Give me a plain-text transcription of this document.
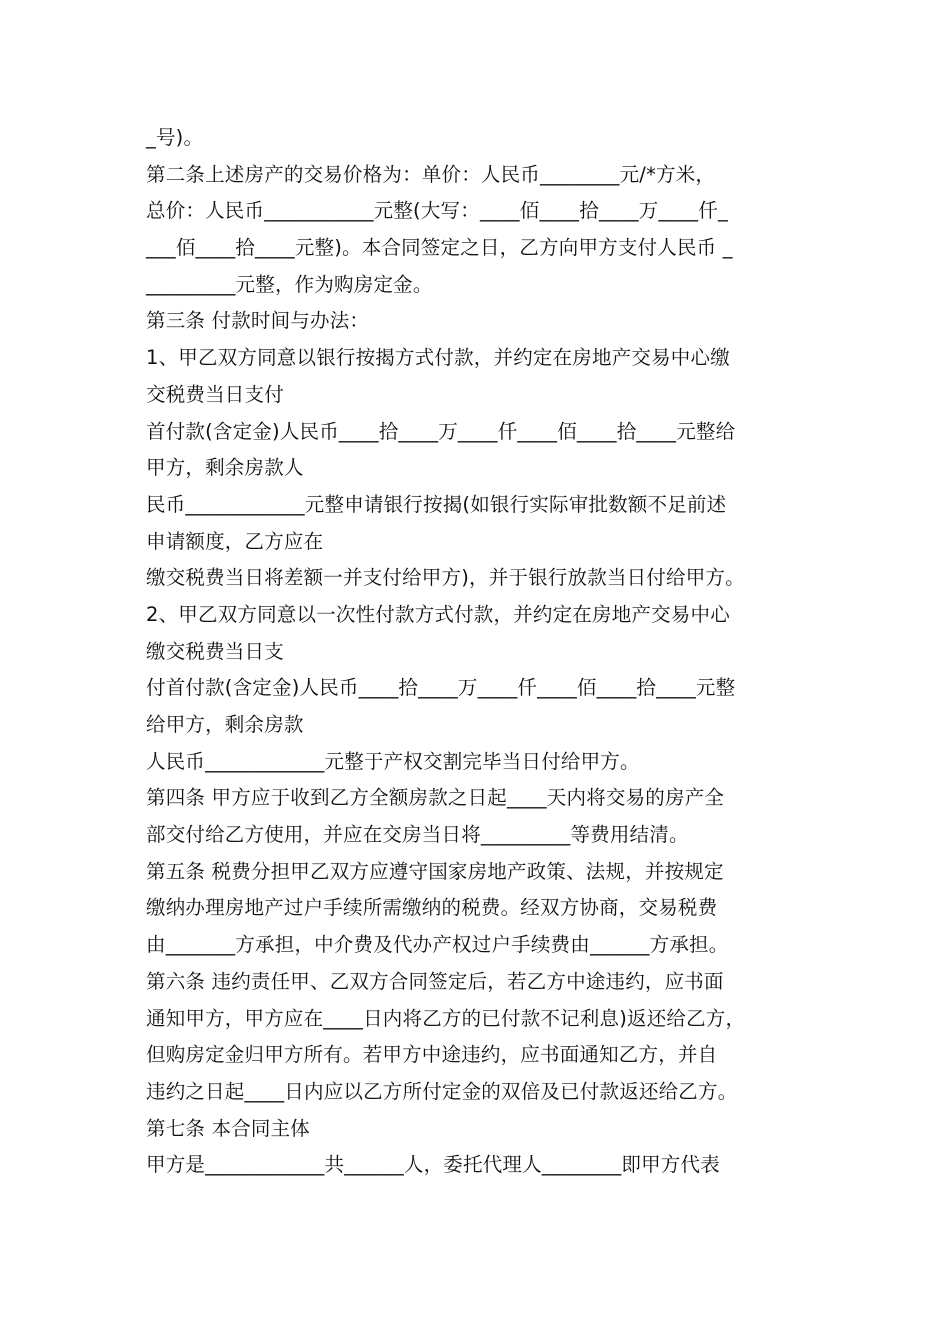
_号)。
第二条上述房产的交易价格为：单价：人民币________元/*方米，
总价：人民币___________元整(大写：____佰____拾____万____仟_
___佰____拾____元整)。本合同签定之日，乙方向甲方支付人民币 _
_________元整，作为购房定金。
第三条 付款时间与办法：
1、甲乙双方同意以银行按揭方式付款，并约定在房地产交易中心缴
交税费当日支付
首付款(含定金)人民币____拾____万____仟____佰____拾____元整给
甲方，剩余房款人
民币____________元整申请银行按揭(如银行实际审批数额不足前述
申请额度，乙方应在
缴交税费当日将差额一并支付给甲方)，并于银行放款当日付给甲方。
2、甲乙双方同意以一次性付款方式付款，并约定在房地产交易中心
缴交税费当日支
付首付款(含定金)人民币____拾____万____仟____佰____拾____元整
给甲方，剩余房款
人民币____________元整于产权交割完毕当日付给甲方。
第四条 甲方应于收到乙方全额房款之日起____天内将交易的房产全
部交付给乙方使用，并应在交房当日将_________等费用结清。
第五条 税费分担甲乙双方应遵守国家房地产政策、法规，并按规定
缴纳办理房地产过户手续所需缴纳的税费。经双方协商，交易税费
由_______方承担，中介费及代办产权过户手续费由______方承担。
第六条 违约责任甲、乙双方合同签定后，若乙方中途违约，应书面
通知甲方，甲方应在____日内将乙方的已付款不记利息)返还给乙方，
但购房定金归甲方所有。若甲方中途违约，应书面通知乙方，并自
违约之日起____日内应以乙方所付定金的双倍及已付款返还给乙方。
第七条 本合同主体
甲方是____________共______人，委托代理人________即甲方代表
